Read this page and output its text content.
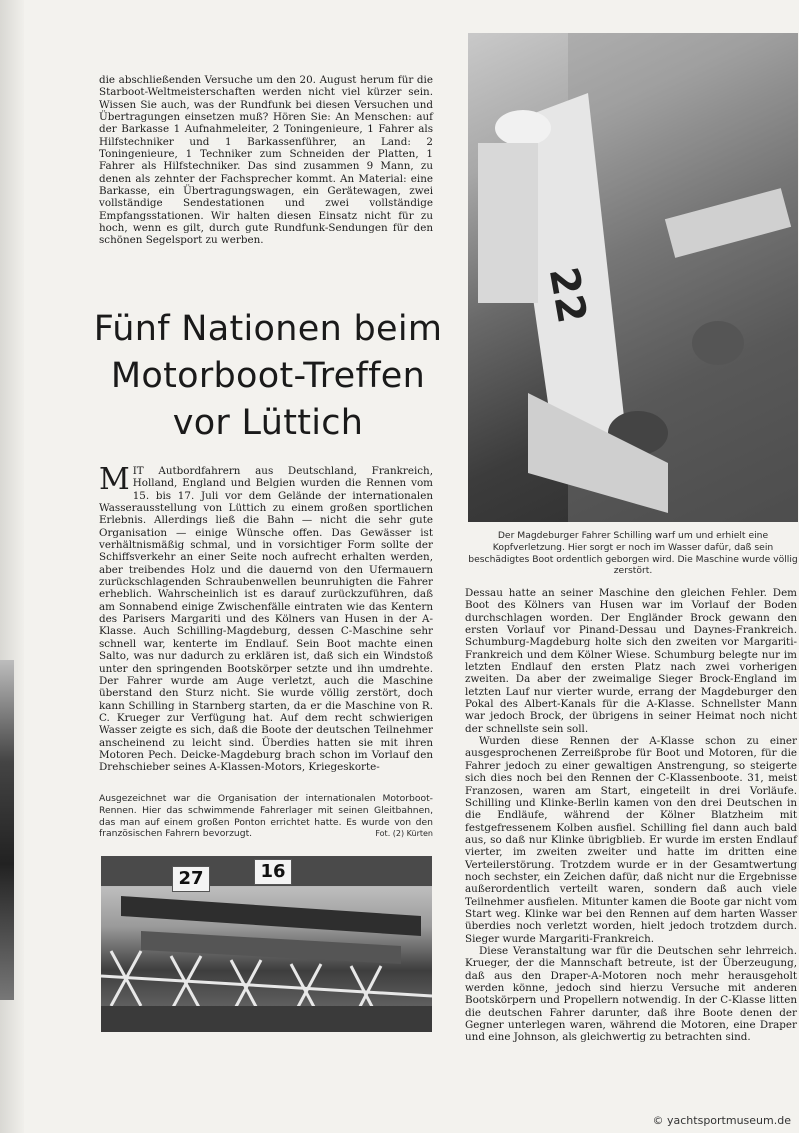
die abschließenden Versuche um den 20. August herum für die Starboot-Weltmeisterschaften werden nicht viel kürzer sein. Wissen Sie auch, was der Rundfunk bei diesen Versuchen und Übertragungen einsetzen muß? Hören Sie: An Menschen: auf der Barkasse 1 Aufnahmeleiter, 2 Toningenieure, 1 Fahrer als Hilfstechniker und 1 Barkassenführer, an Land: 2 Toningenieure, 1 Techniker zum Schneiden der Platten, 1 Fahrer als Hilfstechniker. Das sind zusammen 9 Mann, zu denen als zehnter der Fachsprecher kommt. An Material: eine Barkasse, ein Übertragungswagen, ein Gerätewagen, zwei vollständige Sendestationen und zwei vollständige Empfangsstationen. Wir halten diesen Einsatz nicht für zu hoch, wenn es gilt, durch gute Rundfunk-Sendungen für den schönen Segelsport zu werben.

Fünf Nationen beim
Motorboot-Treffen
vor Lüttich

MIT Autbordfahrern aus Deutschland, Frankreich, Holland, England und Belgien wurden die Rennen vom 15. bis 17. Juli vor dem Gelände der internationalen Wasserausstellung von Lüttich zu einem großen sportlichen Erlebnis. Allerdings ließ die Bahn — nicht die sehr gute Organisation — einige Wünsche offen. Das Gewässer ist verhältnismäßig schmal, und in vorsichtiger Form sollte der Schiffsverkehr an einer Seite noch aufrecht erhalten werden, aber treibendes Holz und die dauernd von den Ufermauern zurückschlagenden Schraubenwellen beunruhigten die Fahrer erheblich. Wahrscheinlich ist es darauf zurückzuführen, daß am Sonnabend einige Zwischenfälle eintraten wie das Kentern des Parisers Margariti und des Kölners van Husen in der A-Klasse. Auch Schilling-Magdeburg, dessen C-Maschine sehr schnell war, kenterte im Endlauf. Sein Boot machte einen Salto, was nur dadurch zu erklären ist, daß sich ein Windstoß unter den springenden Bootskörper setzte und ihn umdrehte. Der Fahrer wurde am Auge verletzt, auch die Maschine überstand den Sturz nicht. Sie wurde völlig zerstört, doch kann Schilling in Starnberg starten, da er die Maschine von R. C. Krueger zur Verfügung hat. Auf dem recht schwierigen Wasser zeigte es sich, daß die Boote der deutschen Teilnehmer anscheinend zu leicht sind. Überdies hatten sie mit ihren Motoren Pech. Deicke-Magdeburg brach schon im Vorlauf den Drehschieber seines A-Klassen-Motors, Kriegeskorte-

Ausgezeichnet war die Organisation der internationalen Motorboot-Rennen. Hier das schwimmende Fahrerlager mit seinen Gleitbahnen, das man auf einem großen Ponton errichtet hatte. Es wurde von den französischen Fahrern bevorzugt.	Fot. (2) Kürten
27	16
22
Der Magdeburger Fahrer Schilling warf um und erhielt eine Kopfverletzung. Hier sorgt er noch im Wasser dafür, daß sein beschädigtes Boot ordentlich geborgen wird. Die Maschine wurde völlig zerstört.

Dessau hatte an seiner Maschine den gleichen Fehler. Dem Boot des Kölners van Husen war im Vorlauf der Boden durchschlagen worden. Der Engländer Brock gewann den ersten Vorlauf vor Pinand-Dessau und Daynes-Frankreich. Schumburg-Magdeburg holte sich den zweiten vor Margariti-Frankreich und dem Kölner Wiese. Schumburg belegte nur im letzten Endlauf den ersten Platz nach zwei vorherigen zweiten. Da aber der zweimalige Sieger Brock-England im letzten Lauf nur vierter wurde, errang der Magdeburger den Pokal des Albert-Kanals für die A-Klasse. Schnellster Mann war jedoch Brock, der übrigens in seiner Heimat noch nicht der schnellste sein soll.

Wurden diese Rennen der A-Klasse schon zu einer ausgesprochenen Zerreißprobe für Boot und Motoren, für die Fahrer jedoch zu einer gewaltigen Anstrengung, so steigerte sich dies noch bei den Rennen der C-Klassenboote. 31, meist Franzosen, waren am Start, eingeteilt in drei Vorläufe. Schilling und Klinke-Berlin kamen von den drei Deutschen in die Endläufe, während der Kölner Blatzheim mit festgefressenem Kolben ausfiel. Schilling fiel dann auch bald aus, so daß nur Klinke übrigblieb. Er wurde im ersten Endlauf vierter, im zweiten zweiter und hatte im dritten eine Verteilerstörung. Trotzdem wurde er in der Gesamtwertung noch sechster, ein Zeichen dafür, daß nicht nur die Ergebnisse außerordentlich verteilt waren, sondern daß auch viele Teilnehmer ausfielen. Mitunter kamen die Boote gar nicht vom Start weg. Klinke war bei den Rennen auf dem harten Wasser überdies noch verletzt worden, hielt jedoch trotzdem durch. Sieger wurde Margariti-Frankreich.

Diese Veranstaltung war für die Deutschen sehr lehrreich. Krueger, der die Mannschaft betreute, ist der Überzeugung, daß aus den Draper-A-Motoren noch mehr herausgeholt werden könne, jedoch sind hierzu Versuche mit anderen Bootskörpern und Propellern notwendig. In der C-Klasse litten die deutschen Fahrer darunter, daß ihre Boote denen der Gegner unterlegen waren, während die Motoren, eine Draper und eine Johnson, als gleichwertig zu betrachten sind.

© yachtsportmuseum.de
